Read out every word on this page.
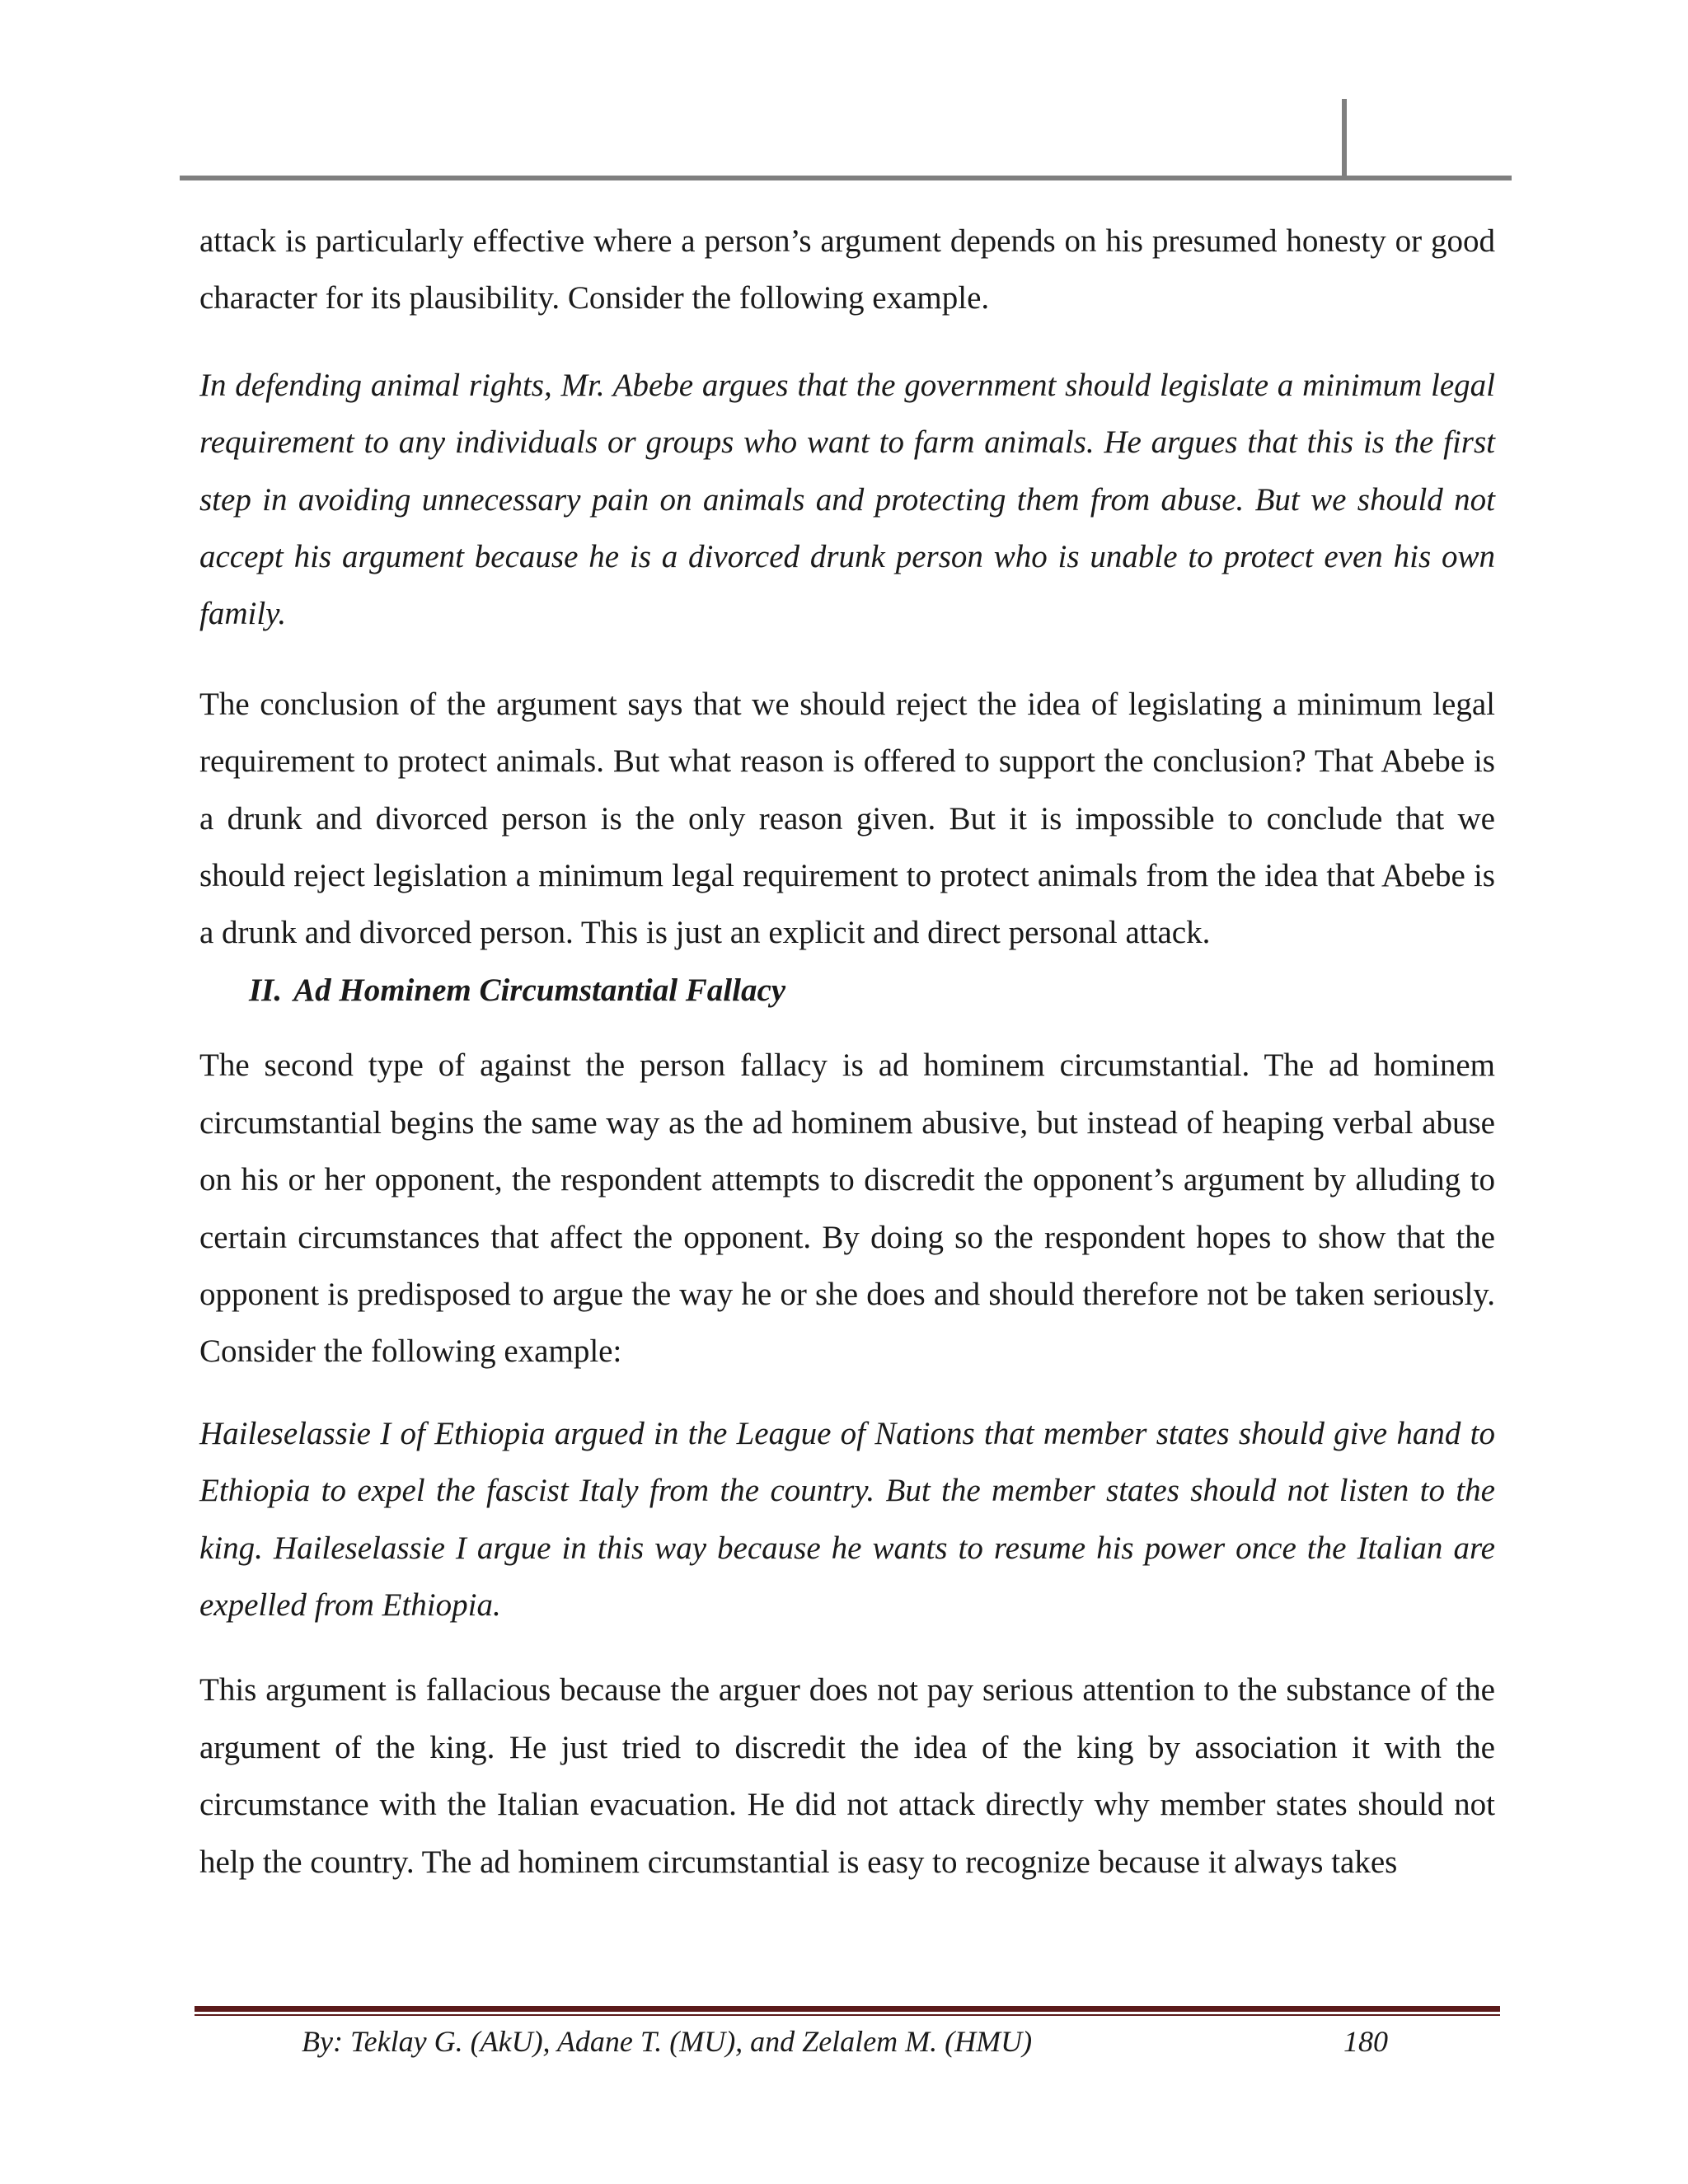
attack is particularly effective where a person’s argument depends on his presumed honesty or good character for its plausibility. Consider the following example.

In defending animal rights, Mr. Abebe argues that the government should legislate a minimum legal requirement to any individuals or groups who want to farm animals. He argues that this is the first step in avoiding unnecessary pain on animals and protecting them from abuse. But we should not accept his argument because he is a divorced drunk person who is unable to protect even his own family.

The conclusion of the argument says that we should reject the idea of legislating a minimum legal requirement to protect animals. But what reason is offered to support the conclusion? That Abebe is a drunk and divorced person is the only reason given. But it is impossible to conclude that we should reject legislation a minimum legal requirement to protect animals from the idea that Abebe is a drunk and divorced person. This is just an explicit and direct personal attack.

II. Ad Hominem Circumstantial Fallacy

The second type of against the person fallacy is ad hominem circumstantial. The ad hominem circumstantial begins the same way as the ad hominem abusive, but instead of heaping verbal abuse on his or her opponent, the respondent attempts to discredit the opponent’s argument by alluding to certain circumstances that affect the opponent. By doing so the respondent hopes to show that the opponent is predisposed to argue the way he or she does and should therefore not be taken seriously. Consider the following example:

Haileselassie I of Ethiopia argued in the League of Nations that member states should give hand to Ethiopia to expel the fascist Italy from the country. But the member states should not listen to the king. Haileselassie I argue in this way because he wants to resume his power once the Italian are expelled from Ethiopia.

This argument is fallacious because the arguer does not pay serious attention to the substance of the argument of the king. He just tried to discredit the idea of the king by association it with the circumstance with the Italian evacuation. He did not attack directly why member states should not help the country. The ad hominem circumstantial is easy to recognize because it always takes

By: Teklay G. (AkU), Adane T. (MU), and Zelalem M. (HMU)	180
